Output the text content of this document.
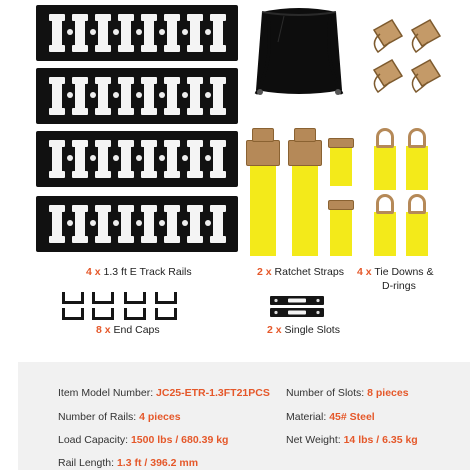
4 x 1.3 ft E Track Rails	2 x Ratchet Straps 4 x Tie Downs &
D-rings
8 x End Caps	2 x Single Slots
Item Model Number: JC25-ETR-1.3FT21PCS Number of Slots: 8 pieces
Number of Rails: 4 pieces	Material: 45# Steel
Load Capacity: 1500 lbs / 680.39 kg	Net Weight: 14 lbs / 6.35 kg
Rail Length: 1.3 ft / 396.2 mm
